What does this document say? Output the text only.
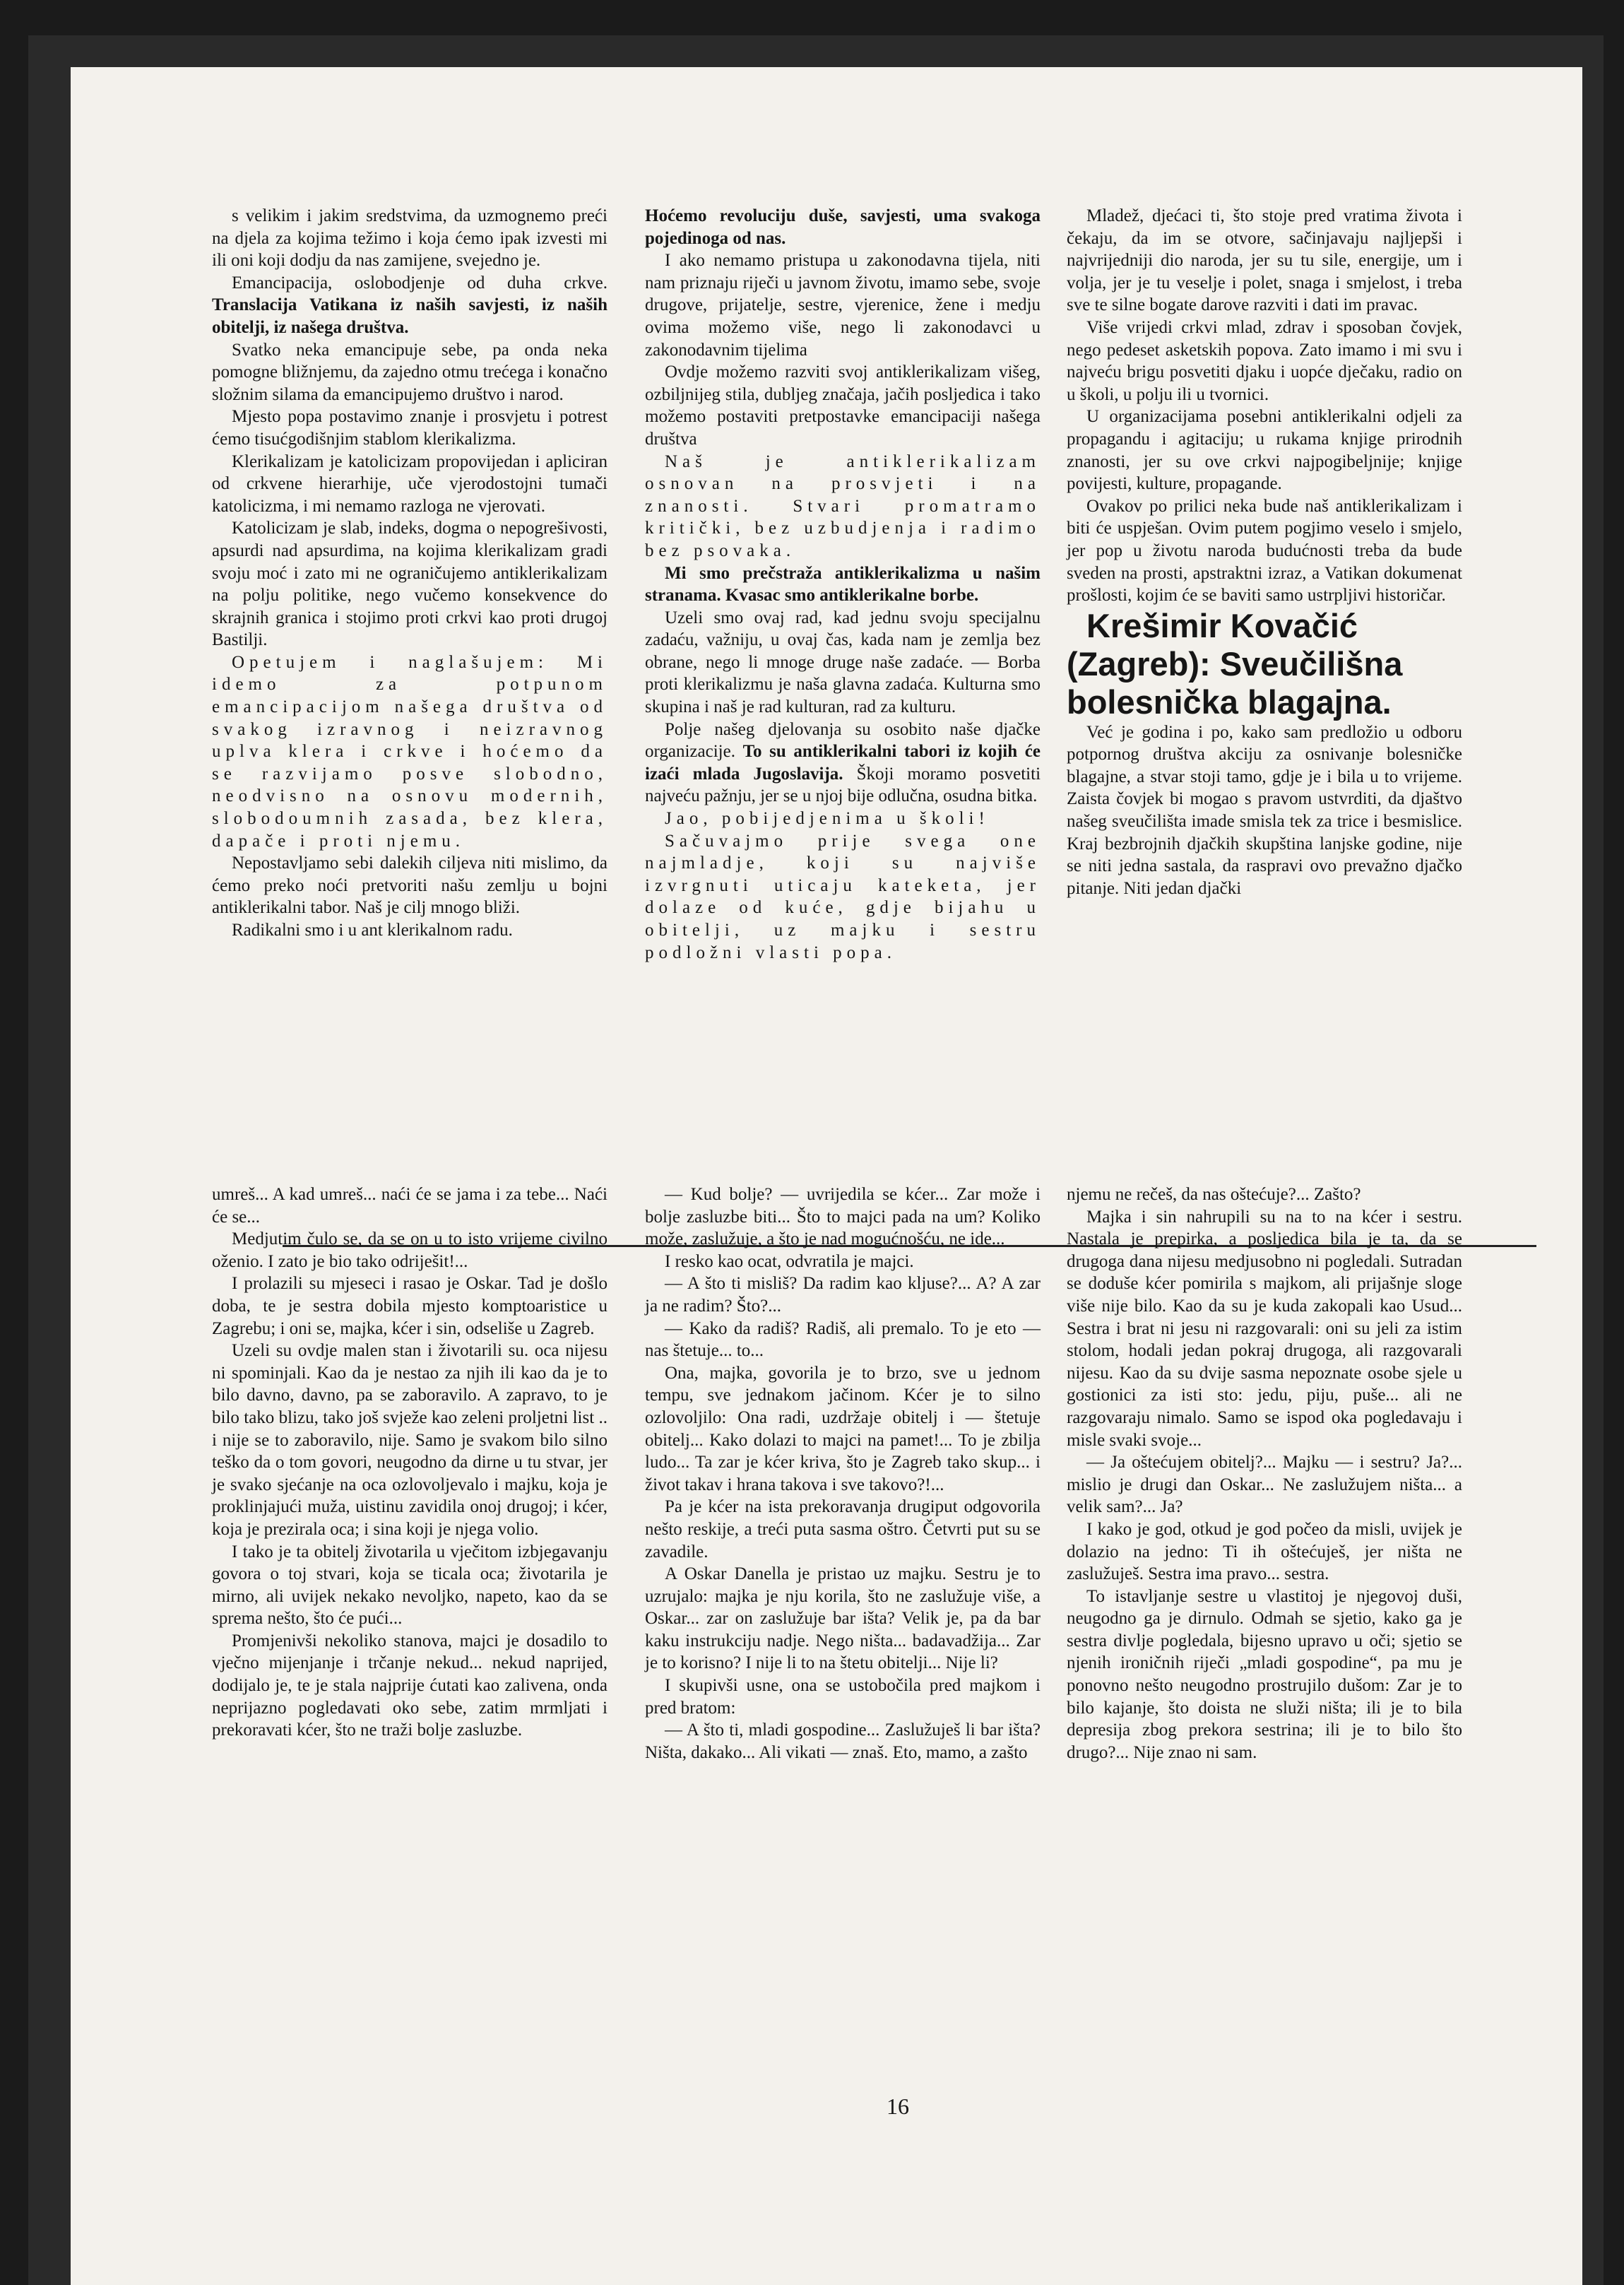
s velikim i jakim sredstvima, da uzmognemo preći na djela za kojima težimo i koja ćemo ipak izvesti mi ili oni koji dodju da nas zamijene, svejedno je.

Emancipacija, oslobodjenje od duha crkve. Translacija Vatikana iz naših savjesti, iz naših obitelji, iz našega društva.

Svatko neka emancipuje sebe, pa onda neka pomogne bližnjemu, da zajedno otmu trećega i konačno složnim silama da emancipujemo društvo i narod.

Mjesto popa postavimo znanje i prosvjetu i potrest ćemo tisućgodišnjim stablom klerikalizma.

Klerikalizam je katolicizam propovijedan i apliciran od crkvene hierarhije, uče vjerodostojni tumači katolicizma, i mi nemamo razloga ne vjerovati.

Katolicizam je slab, indeks, dogma o nepogrešivosti, apsurdi nad apsurdima, na kojima klerikalizam gradi svoju moć i zato mi ne ograničujemo antiklerikalizam na polju politike, nego vučemo konsekvence do skrajnih granica i stojimo proti crkvi kao proti drugoj Bastilji.

Opetujem i naglašujem: Mi idemo za potpunom emancipacijom našega društva od svakog izravnog i neizravnog uplva klera i crkve i hoćemo da se razvijamo posve slobodno, neodvisno na osnovu modernih, slobodoumnih zasada, bez klera, dapače i proti njemu.

Nepostavljamo sebi dalekih ciljeva niti mislimo, da ćemo preko noći pretvoriti našu zemlju u bojni antiklerikalni tabor. Naš je cilj mnogo bliži.

Radikalni smo i u ant klerikalnom radu.

Hoćemo revoluciju duše, savjesti, uma svakoga pojedinoga od nas.

I ako nemamo pristupa u zakonodavna tijela, niti nam priznaju riječi u javnom životu, imamo sebe, svoje drugove, prijatelje, sestre, vjerenice, žene i medju ovima možemo više, nego li zakonodavci u zakonodavnim tijelima

Ovdje možemo razviti svoj antiklerikalizam višeg, ozbiljnijeg stila, dubljeg značaja, jačih posljedica i tako možemo postaviti pretpostavke emancipaciji našega društva

Naš je antiklerikalizam osnovan na prosvjeti i na znanosti. Stvari promatramo kritički, bez uzbudjenja i radimo bez psovaka.

Mi smo prečstraža antiklerikalizma u našim stranama. Kvasac smo antiklerikalne borbe.

Uzeli smo ovaj rad, kad jednu svoju specijalnu zadaću, važniju, u ovaj čas, kada nam je zemlja bez obrane, nego li mnoge druge naše zadaće. — Borba proti klerikalizmu je naša glavna zadaća. Kulturna smo skupina i naš je rad kulturan, rad za kulturu.

Polje našeg djelovanja su osobito naše djačke organizacije. To su antiklerikalni tabori iz kojih će izaći mlada Jugoslavija. Škoji moramo posvetiti najveću pažnju, jer se u njoj bije odlučna, osudna bitka.

Jao, pobijedjenima u školi!

Sačuvajmo prije svega one najmladje, koji su najviše izvrgnuti uticaju kateketa, jer dolaze od kuće, gdje bijahu u obitelji, uz majku i sestru podložni vlasti popa.

Mladež, djećaci ti, što stoje pred vratima života i čekaju, da im se otvore, sačinjavaju najljepši i najvrijedniji dio naroda, jer su tu sile, energije, um i volja, jer je tu veselje i polet, snaga i smjelost, i treba sve te silne bogate darove razviti i dati im pravac.

Više vrijedi crkvi mlad, zdrav i sposoban čovjek, nego pedeset asketskih popova. Zato imamo i mi svu i najveću brigu posvetiti djaku i uopće dječaku, radio on u školi, u polju ili u tvornici.

U organizacijama posebni antiklerikalni odjeli za propagandu i agitaciju; u rukama knjige prirodnih znanosti, jer su ove crkvi najpogibeljnije; knjige povijesti, kulture, propagande.

Ovakov po prilici neka bude naš antiklerikalizam i biti će uspješan. Ovim putem pogjimo veselo i smjelo, jer pop u životu naroda budućnosti treba da bude sveden na prosti, apstraktni izraz, a Vatikan dokumenat prošlosti, kojim će se baviti samo ustrpljivi historičar.

Krešimir Kovačić (Zagreb): Sveučilišna bolesnička blagajna.

Već je godina i po, kako sam predložio u odboru potpornog društva akciju za osnivanje bolesničke blagajne, a stvar stoji tamo, gdje je i bila u to vrijeme. Zaista čovjek bi mogao s pravom ustvrditi, da djaštvo našeg sveučilišta imade smisla tek za trice i besmislice. Kraj bezbrojnih djačkih skupština lanjske godine, nije se niti jedna sastala, da raspravi ovo prevažno djačko pitanje. Niti jedan djački

umreš... A kad umreš... naći će se jama i za tebe... Naći će se...

Medjutim čulo se, da se on u to isto vrijeme civilno oženio. I zato je bio tako odriješit!...

I prolazili su mjeseci i rasao je Oskar. Tad je došlo doba, te je sestra dobila mjesto komptoaristice u Zagrebu; i oni se, majka, kćer i sin, odseliše u Zagreb.

Uzeli su ovdje malen stan i životarili su. oca nijesu ni spominjali. Kao da je nestao za njih ili kao da je to bilo davno, davno, pa se zaboravilo. A zapravo, to je bilo tako blizu, tako još svježe kao zeleni proljetni list .. i nije se to zaboravilo, nije. Samo je svakom bilo silno teško da o tom govori, neugodno da dirne u tu stvar, jer je svako sjećanje na oca ozlovoljevalo i majku, koja je proklinjajući muža, uistinu zavidila onoj drugoj; i kćer, koja je prezirala oca; i sina koji je njega volio.

I tako je ta obitelj životarila u vječitom izbjegavanju govora o toj stvari, koja se ticala oca; životarila je mirno, ali uvijek nekako nevoljko, napeto, kao da se sprema nešto, što će pući...

Promjenivši nekoliko stanova, majci je dosadilo to vječno mijenjanje i trčanje nekud... nekud naprijed, dodijalo je, te je stala najprije ćutati kao zalivena, onda neprijazno pogledavati oko sebe, zatim mrmljati i prekoravati kćer, što ne traži bolje zasluzbe.

— Kud bolje? — uvrijedila se kćer... Zar može i bolje zasluzbe biti... Što to majci pada na um? Koliko može, zaslužuje, a što je nad mogućnošću, ne ide...

I resko kao ocat, odvratila je majci.

— A što ti misliš? Da radim kao kljuse?... A? A zar ja ne radim? Što?...

— Kako da radiš? Radiš, ali premalo. To je eto — nas štetuje... to...

Ona, majka, govorila je to brzo, sve u jednom tempu, sve jednakom jačinom. Kćer je to silno ozlovoljilo: Ona radi, uzdržaje obitelj i — štetuje obitelj... Kako dolazi to majci na pamet!... To je zbilja ludo... Ta zar je kćer kriva, što je Zagreb tako skup... i život takav i hrana takova i sve takovo?!...

Pa je kćer na ista prekoravanja drugiput odgovorila nešto reskije, a treći puta sasma oštro. Četvrti put su se zavadile.

A Oskar Danella je pristao uz majku. Sestru je to uzrujalo: majka je nju korila, što ne zaslužuje više, a Oskar... zar on zaslužuje bar išta? Velik je, pa da bar kaku instrukciju nadje. Nego ništa... badavadžija... Zar je to korisno? I nije li to na štetu obitelji... Nije li?

I skupivši usne, ona se ustobočila pred majkom i pred bratom:

— A što ti, mladi gospodine... Zaslužuješ li bar išta? Ništa, dakako... Ali vikati — znaš. Eto, mamo, a zašto

njemu ne rečeš, da nas oštećuje?... Zašto?

Majka i sin nahrupili su na to na kćer i sestru. Nastala je prepirka, a posljedica bila je ta, da se drugoga dana nijesu medjusobno ni pogledali. Sutradan se doduše kćer pomirila s majkom, ali prijašnje sloge više nije bilo. Kao da su je kuda zakopali kao Usud... Sestra i brat ni jesu ni razgovarali: oni su jeli za istim stolom, hodali jedan pokraj drugoga, ali razgovarali nijesu. Kao da su dvije sasma nepoznate osobe sjele u gostionici za isti sto: jedu, piju, puše... ali ne razgovaraju nimalo. Samo se ispod oka pogledavaju i misle svaki svoje...

— Ja oštećujem obitelj?... Majku — i sestru? Ja?... mislio je drugi dan Oskar... Ne zaslužujem ništa... a velik sam?... Ja?

I kako je god, otkud je god počeo da misli, uvijek je dolazio na jedno: Ti ih oštećuješ, jer ništa ne zaslužuješ. Sestra ima pravo... sestra.

To istavljanje sestre u vlastitoj je njegovoj duši, neugodno ga je dirnulo. Odmah se sjetio, kako ga je sestra divlje pogledala, bijesno upravo u oči; sjetio se njenih ironičnih riječi „mladi gospodine“, pa mu je ponovno nešto neugodno prostrujilo dušom: Zar je to bilo kajanje, što doista ne služi ništa; ili je to bila depresija zbog prekora sestrina; ili je to bilo što drugo?... Nije znao ni sam.

16
